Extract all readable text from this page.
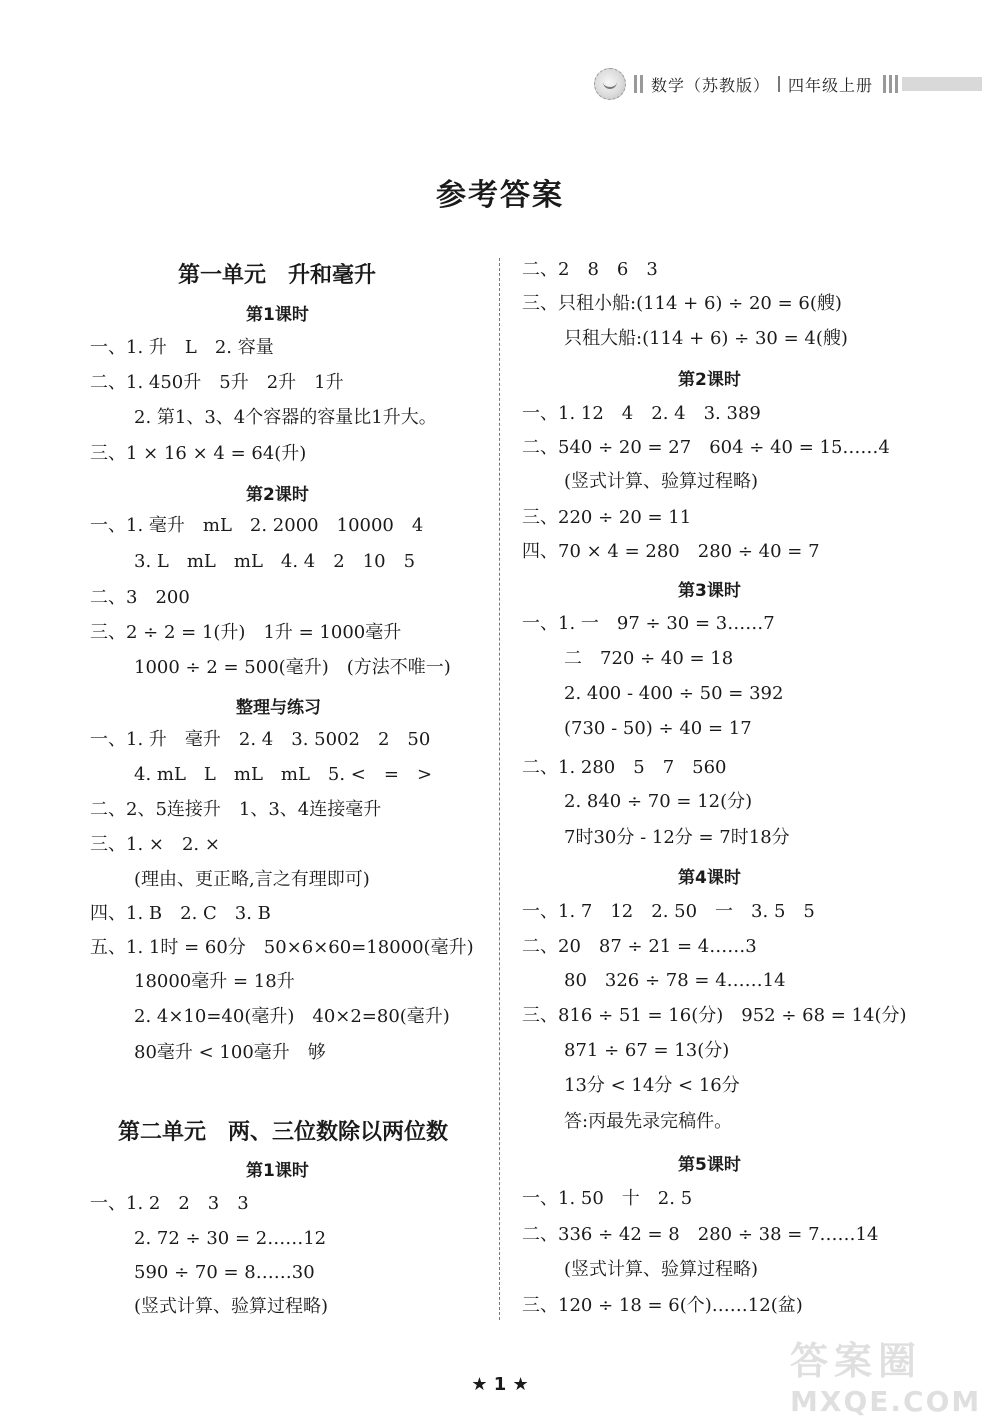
数学（苏教版） 四年级上册
参考答案
第一单元　升和毫升
第1课时
一、1. 升　L　2. 容量
二、1. 450升　5升　2升　1升
2. 第1、3、4个容器的容量比1升大。
三、1 × 16 × 4 = 64(升)
第2课时
一、1. 毫升　mL　2. 2000　10000　4
3. L　mL　mL　4. 4　2　10　5
二、3　200
三、2 ÷ 2 = 1(升)　1升 = 1000毫升
1000 ÷ 2 = 500(毫升)　(方法不唯一)
整理与练习
一、1. 升　毫升　2. 4　3. 5002　2　50
4. mL　L　mL　mL　5. <　=　>
二、2、5连接升　1、3、4连接毫升
三、1. ×　2. ×
(理由、更正略,言之有理即可)
四、1. B　2. C　3. B
五、1. 1时 = 60分　50×6×60=18000(毫升)
18000毫升 = 18升
2. 4×10=40(毫升)　40×2=80(毫升)
80毫升 < 100毫升　够
第二单元　两、三位数除以两位数
第1课时
一、1. 2　2　3　3
2. 72 ÷ 30 = 2……12
590 ÷ 70 = 8……30
(竖式计算、验算过程略)
二、2　8　6　3
三、只租小船:(114 + 6) ÷ 20 = 6(艘)
只租大船:(114 + 6) ÷ 30 = 4(艘)
第2课时
一、1. 12　4　2. 4　3. 389
二、540 ÷ 20 = 27　604 ÷ 40 = 15……4
(竖式计算、验算过程略)
三、220 ÷ 20 = 11
四、70 × 4 = 280　280 ÷ 40 = 7
第3课时
一、1. 一　97 ÷ 30 = 3……7
二　720 ÷ 40 = 18
2. 400 - 400 ÷ 50 = 392
(730 - 50) ÷ 40 = 17
二、1. 280　5　7　560
2. 840 ÷ 70 = 12(分)
7时30分 - 12分 = 7时18分
第4课时
一、1. 7　12　2. 50　一　3. 5　5
二、20　87 ÷ 21 = 4……3
80　326 ÷ 78 = 4……14
三、816 ÷ 51 = 16(分)　952 ÷ 68 = 14(分)
871 ÷ 67 = 13(分)
13分 < 14分 < 16分
答:丙最先录完稿件。
第5课时
一、1. 50　十　2. 5
二、336 ÷ 42 = 8　280 ÷ 38 = 7……14
(竖式计算、验算过程略)
三、120 ÷ 18 = 6(个)……12(盆)
★ 1 ★
答案圈
MXQE.COM
